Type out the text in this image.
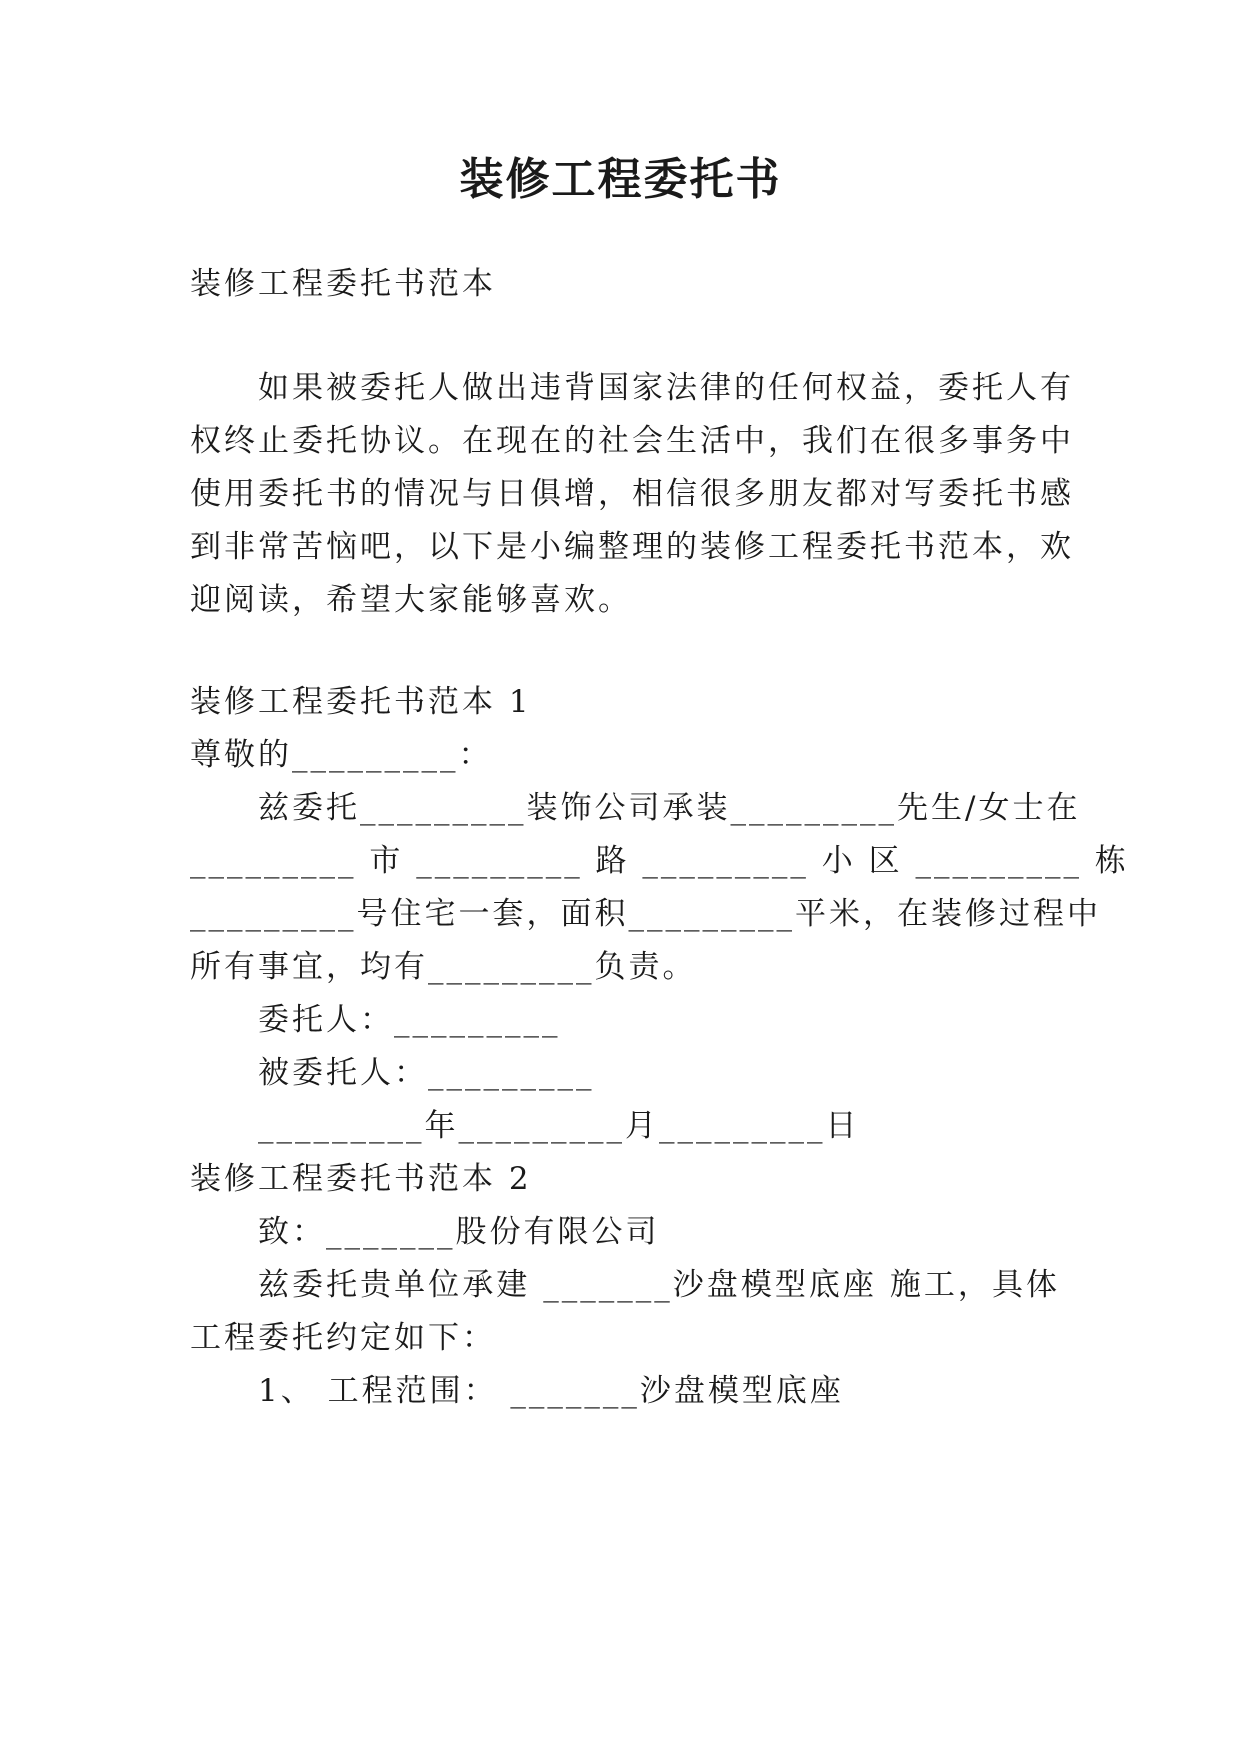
装修工程委托书
装修工程委托书范本
如果被委托人做出违背国家法律的任何权益，委托人有
权终止委托协议。在现在的社会生活中，我们在很多事务中
使用委托书的情况与日俱增，相信很多朋友都对写委托书感
到非常苦恼吧，以下是小编整理的装修工程委托书范本，欢
迎阅读，希望大家能够喜欢。
装修工程委托书范本 1
尊敬的_________：
兹委托_________装饰公司承装_________先生/女士在
_________ 市 _________ 路 _________ 小 区 _________ 栋
_________号住宅一套，面积_________平米，在装修过程中
所有事宜，均有_________负责。
委托人：_________
被委托人：_________
_________年_________月_________日
装修工程委托书范本 2
致：_______股份有限公司
兹委托贵单位承建 _______沙盘模型底座 施工，具体
工程委托约定如下：
1、 工程范围： _______沙盘模型底座
